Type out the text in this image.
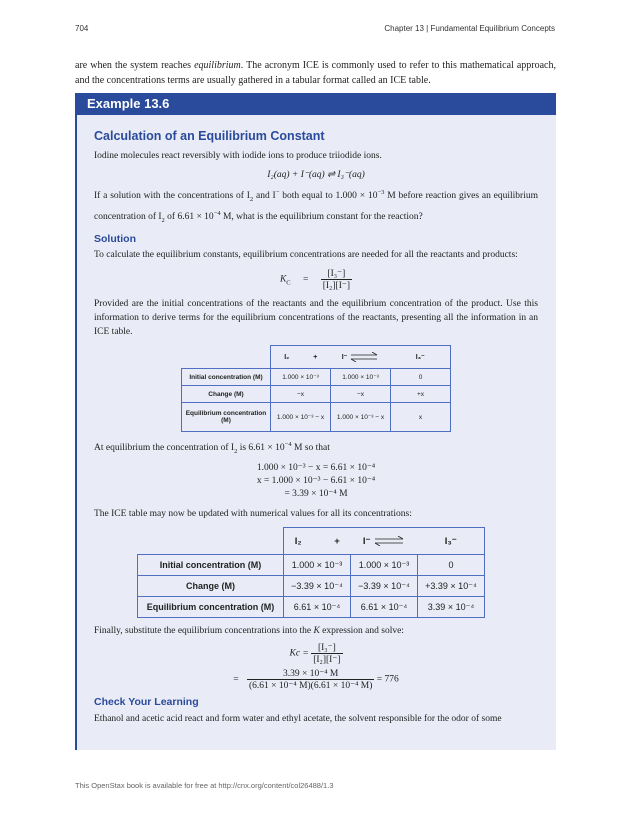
704	Chapter 13 | Fundamental Equilibrium Concepts
are when the system reaches equilibrium. The acronym ICE is commonly used to refer to this mathematical approach, and the concentrations terms are usually gathered in a tabular format called an ICE table.
Example 13.6
Calculation of an Equilibrium Constant

Iodine molecules react reversibly with iodide ions to produce triiodide ions.

I₂(aq) + I⁻(aq) ⇌ I₃⁻(aq)

If a solution with the concentrations of $I_2$ and I− both equal to $1.000 \times 10^{-3}$ M before reaction gives an equilibrium concentration of $I_2$ of $6.61 \times 10^{-4}$ M, what is the equilibrium constant for the reaction?

Solution

To calculate the equilibrium constants, equilibrium concentrations are needed for all the reactants and products:

$K_C = \frac{\text{[I₃⁻]}}{\text{[I₂][I⁻]}}$

Provided are the initial concentrations of the reactants and the equilibrium concentration of the product. Use this information to derive terms for the equilibrium concentrations of the reactants, presenting all the information in an ICE table.

	I₂ +	I⁻	I₃⁻
Initial concentration (M)	1.000 × 10⁻³	1.000 × 10⁻³	0
Change (M)	−x	−x	+x
Equilibrium concentration (M)	1.000 × 10⁻³ − x	1.000 × 10⁻³ − x	x

At equilibrium the concentration of $I_2$ is $6.61 \times 10^{-4}$ M so that

1.000 × 10⁻³ − x = 6.61 × 10⁻⁴
x = 1.000 × 10⁻³ − 6.61 × 10⁻⁴
= 3.39 × 10⁻⁴ M

The ICE table may now be updated with numerical values for all its concentrations:

	I₂ +	I⁻ ⇌	I₃⁻
Initial concentration (M)	1.000 × 10⁻³	1.000 × 10⁻³	0
Change (M)	−3.39 × 10⁻⁴	−3.39 × 10⁻⁴	+3.39 × 10⁻⁴
Equilibrium concentration (M)	6.61 × 10⁻⁴	6.61 × 10⁻⁴	3.39 × 10⁻⁴

Finally, substitute the equilibrium concentrations into the K expression and solve:

$Kc = \frac{\text{[I₃⁻]}}{\text{[I₂][I⁻]}}$
= $\frac{\text{3.39 × 10⁻⁴ M}}{\text{(6.61 × 10⁻⁴ M)(6.61 × 10⁻⁴ M)}} = 776$
Check Your Learning

Ethanol and acetic acid react and form water and ethyl acetate, the solvent responsible for the odor of some

This OpenStax book is available for free at http://cnx.org/content/col26488/1.3
